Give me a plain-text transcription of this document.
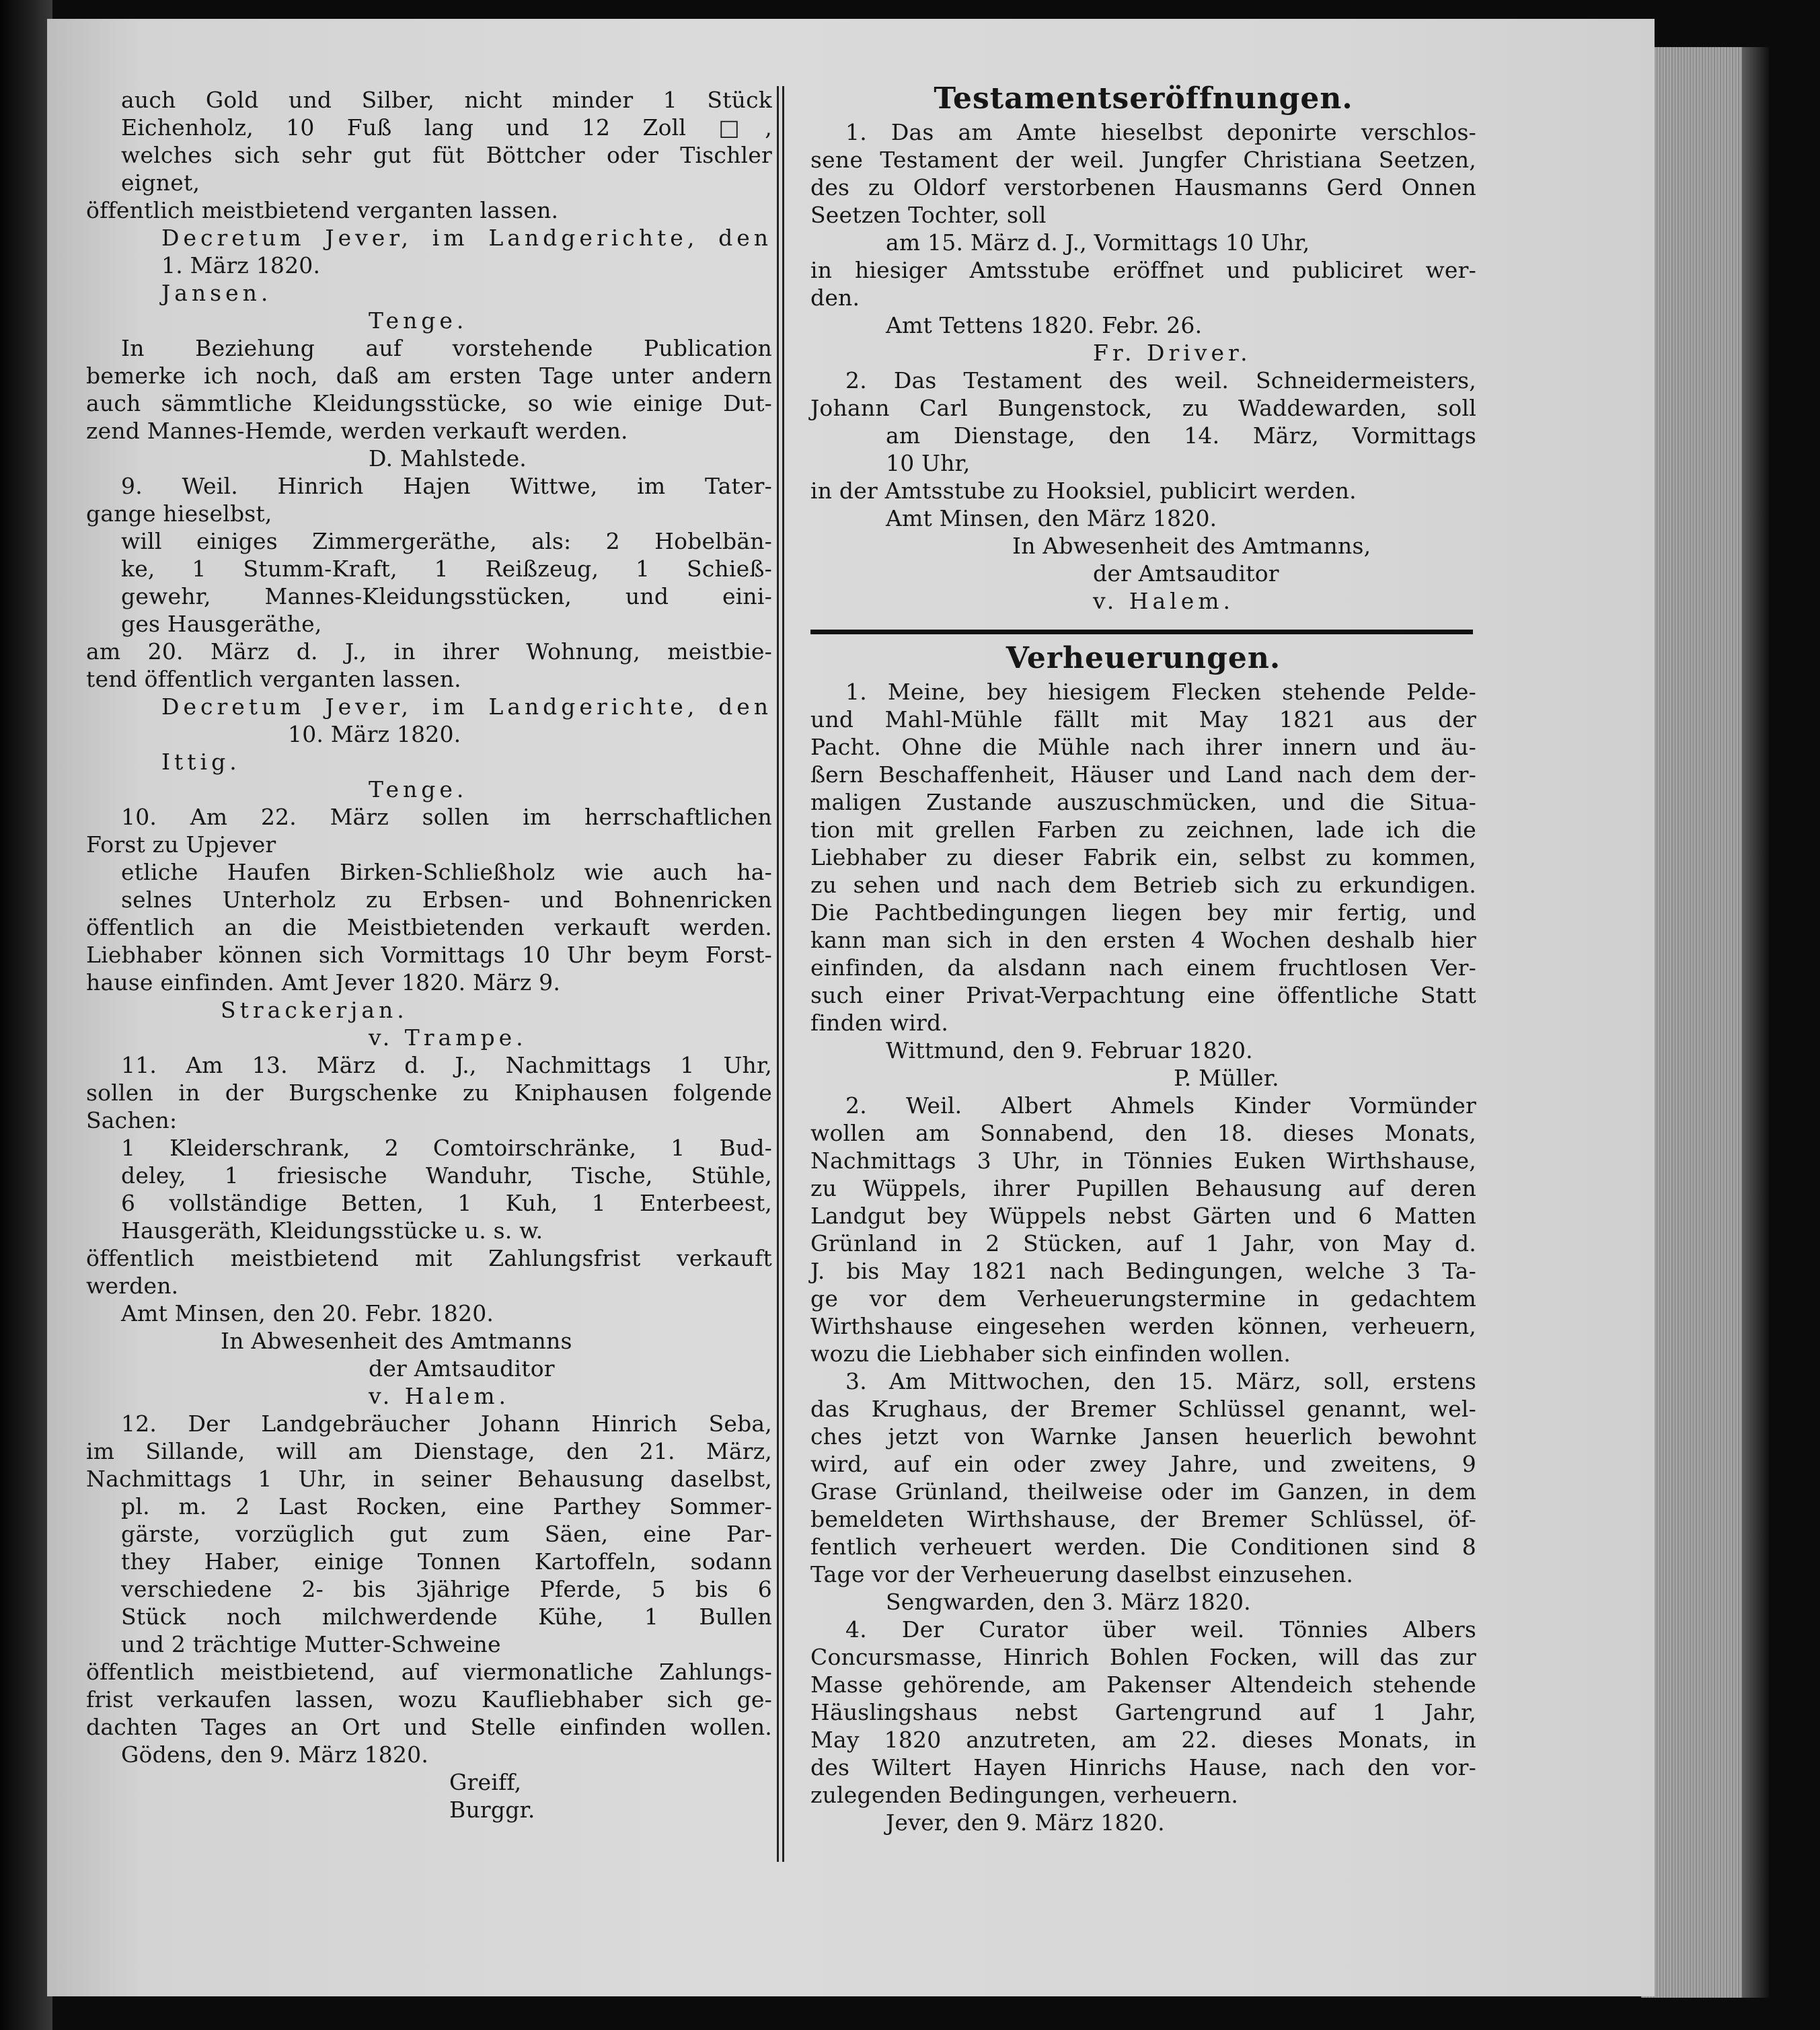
auch Gold und Silber, nicht minder 1 Stück
Eichenholz, 10 Fuß lang und 12 Zoll □,
welches sich sehr gut füt Böttcher oder Tischler
eignet,
öffentlich meistbietend verganten lassen.
Decretum Jever, im Landgerichte, den
1. März 1820.
Jansen.
Tenge.
In Beziehung auf vorstehende Publication
bemerke ich noch, daß am ersten Tage unter andern
auch sämmtliche Kleidungsstücke, so wie einige Dut-
zend Mannes-Hemde, werden verkauft werden.
D. Mahlstede.
9. Weil. Hinrich Hajen Wittwe, im Tater-
gange hieselbst,
will einiges Zimmergeräthe, als: 2 Hobelbän-
ke, 1 Stumm-Kraft, 1 Reißzeug, 1 Schieß-
gewehr, Mannes-Kleidungsstücken, und eini-
ges Hausgeräthe,
am 20. März d. J., in ihrer Wohnung, meistbie-
tend öffentlich verganten lassen.
Decretum Jever, im Landgerichte, den
10. März 1820.
Ittig.
Tenge.
10. Am 22. März sollen im herrschaftlichen
Forst zu Upjever
etliche Haufen Birken-Schließholz wie auch ha-
selnes Unterholz zu Erbsen- und Bohnenricken
öffentlich an die Meistbietenden verkauft werden.
Liebhaber können sich Vormittags 10 Uhr beym Forst-
hause einfinden. Amt Jever 1820. März 9.
Strackerjan.
v. Trampe.
11. Am 13. März d. J., Nachmittags 1 Uhr,
sollen in der Burgschenke zu Kniphausen folgende
Sachen:
1 Kleiderschrank, 2 Comtoirschränke, 1 Bud-
deley, 1 friesische Wanduhr, Tische, Stühle,
6 vollständige Betten, 1 Kuh, 1 Enterbeest,
Hausgeräth, Kleidungsstücke u. s. w.
öffentlich meistbietend mit Zahlungsfrist verkauft
werden.
Amt Minsen, den 20. Febr. 1820.
In Abwesenheit des Amtmanns
der Amtsauditor
v. Halem.
12. Der Landgebräucher Johann Hinrich Seba,
im Sillande, will am Dienstage, den 21. März,
Nachmittags 1 Uhr, in seiner Behausung daselbst,
pl. m. 2 Last Rocken, eine Parthey Sommer-
gärste, vorzüglich gut zum Säen, eine Par-
they Haber, einige Tonnen Kartoffeln, sodann
verschiedene 2- bis 3jährige Pferde, 5 bis 6
Stück noch milchwerdende Kühe, 1 Bullen
und 2 trächtige Mutter-Schweine
öffentlich meistbietend, auf viermonatliche Zahlungs-
frist verkaufen lassen, wozu Kaufliebhaber sich ge-
dachten Tages an Ort und Stelle einfinden wollen.
Gödens, den 9. März 1820.
Greiff,
Burggr.
Testamentseröffnungen.
1. Das am Amte hieselbst deponirte verschlos-
sene Testament der weil. Jungfer Christiana Seetzen,
des zu Oldorf verstorbenen Hausmanns Gerd Onnen
Seetzen Tochter, soll
am 15. März d. J., Vormittags 10 Uhr,
in hiesiger Amtsstube eröffnet und publiciret wer-
den.
Amt Tettens 1820. Febr. 26.
Fr. Driver.
2. Das Testament des weil. Schneidermeisters,
Johann Carl Bungenstock, zu Waddewarden, soll
am Dienstage, den 14. März, Vormittags
10 Uhr,
in der Amtsstube zu Hooksiel, publicirt werden.
Amt Minsen, den März 1820.
In Abwesenheit des Amtmanns,
der Amtsauditor
v. Halem.
Verheuerungen.
1. Meine, bey hiesigem Flecken stehende Pelde-
und Mahl-Mühle fällt mit May 1821 aus der
Pacht. Ohne die Mühle nach ihrer innern und äu-
ßern Beschaffenheit, Häuser und Land nach dem der-
maligen Zustande auszuschmücken, und die Situa-
tion mit grellen Farben zu zeichnen, lade ich die
Liebhaber zu dieser Fabrik ein, selbst zu kommen,
zu sehen und nach dem Betrieb sich zu erkundigen.
Die Pachtbedingungen liegen bey mir fertig, und
kann man sich in den ersten 4 Wochen deshalb hier
einfinden, da alsdann nach einem fruchtlosen Ver-
such einer Privat-Verpachtung eine öffentliche Statt
finden wird.
Wittmund, den 9. Februar 1820.
P. Müller.
2. Weil. Albert Ahmels Kinder Vormünder
wollen am Sonnabend, den 18. dieses Monats,
Nachmittags 3 Uhr, in Tönnies Euken Wirthshause,
zu Wüppels, ihrer Pupillen Behausung auf deren
Landgut bey Wüppels nebst Gärten und 6 Matten
Grünland in 2 Stücken, auf 1 Jahr, von May d.
J. bis May 1821 nach Bedingungen, welche 3 Ta-
ge vor dem Verheuerungstermine in gedachtem
Wirthshause eingesehen werden können, verheuern,
wozu die Liebhaber sich einfinden wollen.
3. Am Mittwochen, den 15. März, soll, erstens
das Krughaus, der Bremer Schlüssel genannt, wel-
ches jetzt von Warnke Jansen heuerlich bewohnt
wird, auf ein oder zwey Jahre, und zweitens, 9
Grase Grünland, theilweise oder im Ganzen, in dem
bemeldeten Wirthshause, der Bremer Schlüssel, öf-
fentlich verheuert werden. Die Conditionen sind 8
Tage vor der Verheuerung daselbst einzusehen.
Sengwarden, den 3. März 1820.
4. Der Curator über weil. Tönnies Albers
Concursmasse, Hinrich Bohlen Focken, will das zur
Masse gehörende, am Pakenser Altendeich stehende
Häuslingshaus nebst Gartengrund auf 1 Jahr,
May 1820 anzutreten, am 22. dieses Monats, in
des Wiltert Hayen Hinrichs Hause, nach den vor-
zulegenden Bedingungen, verheuern.
Jever, den 9. März 1820.
